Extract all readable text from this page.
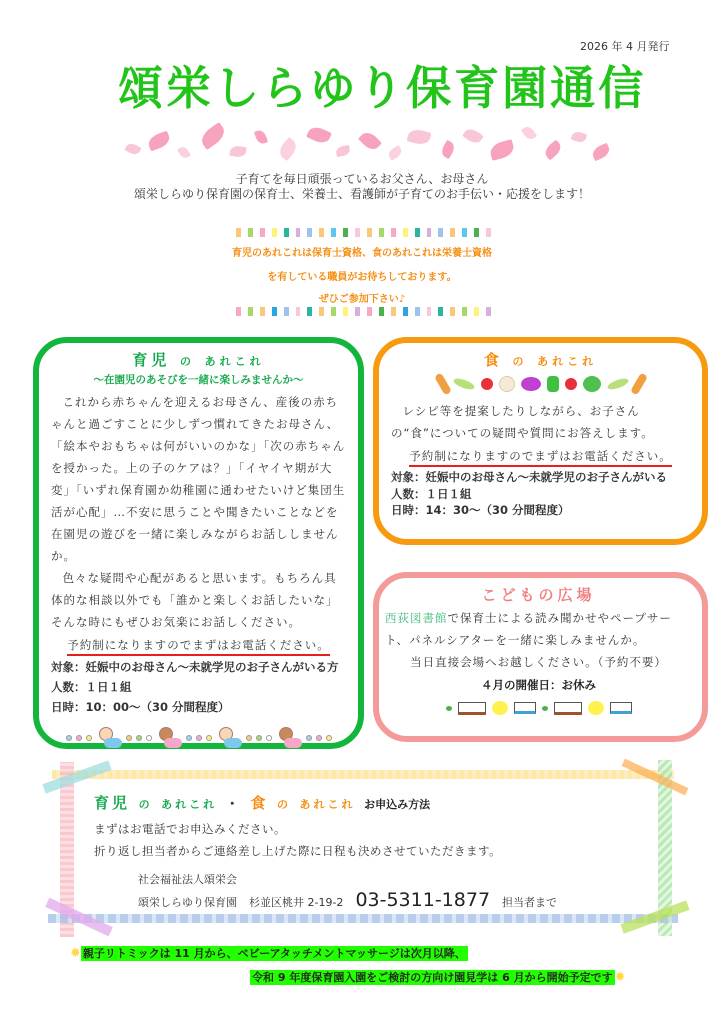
2026 年 4 月発行
頌栄しらゆり保育園通信
子育てを毎日頑張っているお父さん、お母さん
頌栄しらゆり保育園の保育士、栄養士、看護師が子育てのお手伝い・応援をします！
育児のあれこれは保育士資格、食のあれこれは栄養士資格
を有している職員がお待ちしております。
ぜひご参加下さい♪
育児 の あれこれ
～在園児のあそびを一緒に楽しみませんか～
これから赤ちゃんを迎えるお母さん、産後の赤ちゃんと過ごすことに少しずつ慣れてきたお母さん、「絵本やおもちゃは何がいいのかな」「次の赤ちゃんを授かった。上の子のケアは？」「イヤイヤ期が大変」「いずれ保育園か幼稚園に通わせたいけど集団生活が心配」…不安に思うことや聞きたいことなどを在園児の遊びを一緒に楽しみながらお話ししませんか。
色々な疑問や心配があると思います。もちろん具体的な相談以外でも「誰かと楽しくお話したいな」そんな時にもぜひお気楽にお話しください。
予約制になりますのでまずはお電話ください。
対象：妊娠中のお母さん～未就学児のお子さんがいる方
人数：１日１組
日時：10：00～（30 分間程度）
食 の あれこれ
レシピ等を提案したりしながら、お子さんの“食”についての疑問や質問にお答えします。
予約制になりますのでまずはお電話ください。
対象：妊娠中のお母さん～未就学児のお子さんがいる
人数：１日１組
日時：14：30～（30 分間程度）
こどもの広場
西荻図書館で保育士による読み聞かせやペープサート、パネルシアターを一緒に楽しみませんか。
当日直接会場へお越しください。（予約不要）
４月の開催日：お休み
育児 の あれこれ ・ 食 の あれこれ お申込み方法
まずはお電話でお申込みください。
折り返し担当者からご連絡差し上げた際に日程も決めさせていただきます。
社会福祉法人頌栄会
頌栄しらゆり保育園 杉並区桃井 2-19-2 03-5311-1877 担当者まで
✹ 親子リトミックは 11 月から、ベビーアタッチメントマッサージは次月以降、
令和 9 年度保育園入園をご検討の方向け園見学は 6 月から開始予定です ✹
